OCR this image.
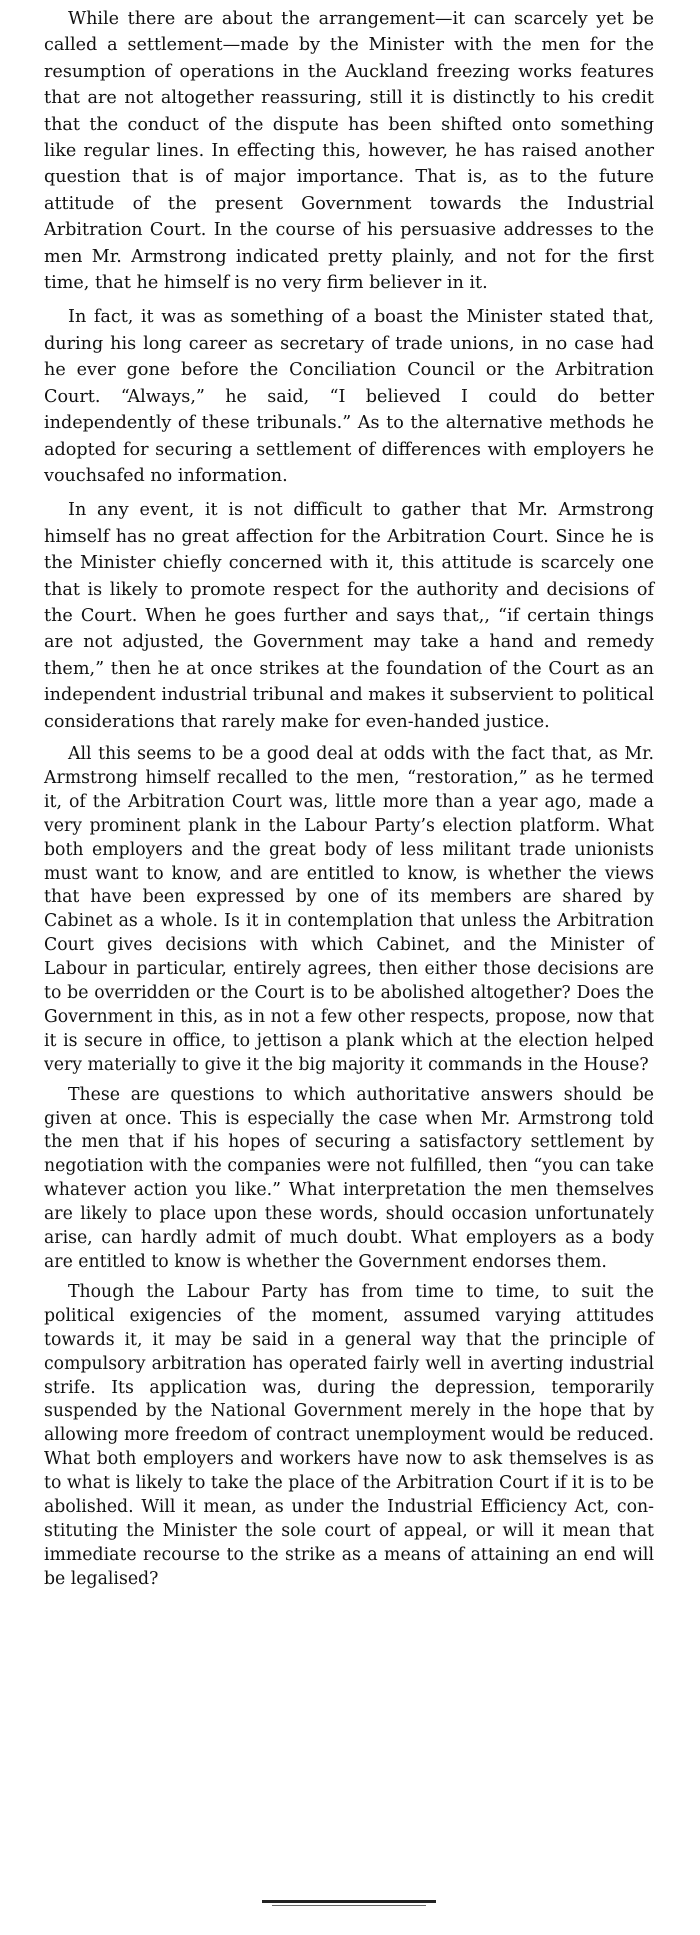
While there are about the arrangement—it can scarcely yet be called a settlement—made by the Minister with the men for the resumption of operations in the Auckland freezing works features that are not altogether reassuring, still it is distinctly to his credit that the conduct of the dispute has been shifted onto something like regular lines. In effecting this, however, he has raised another question that is of major importance. That is, as to the future attitude of the present Government towards the Industrial Arbitration Court. In the course of his persuasive addresses to the men Mr. Armstrong indicated pretty plainly, and not for the first time, that he himself is no very firm believer in it.

In fact, it was as something of a boast the Minister stated that, during his long career as secretary of trade unions, in no case had he ever gone before the Conciliation Council or the Arbitration Court. “Always,” he said, “I believed I could do better independently of these tribunals.” As to the alternative methods he adopted for securing a settlement of differences with employers he vouchsafed no information.

In any event, it is not difficult to gather that Mr. Armstrong himself has no great affection for the Arbitration Court. Since he is the Minister chiefly concerned with it, this attitude is scarcely one that is likely to promote respect for the authority and decisions of the Court. When he goes further and says that,, “if certain things are not adjusted, the Government may take a hand and remedy them,” then he at once strikes at the foundation of the Court as an independent industrial tribunal and makes it subservient to political considerations that rarely make for even-handed justice.

All this seems to be a good deal at odds with the fact that, as Mr. Armstrong himself recalled to the men, “restoration,” as he termed it, of the Arbitration Court was, little more than a year ago, made a very prominent plank in the Labour Party’s election platform. What both employers and the great body of less militant trade unionists must want to know, and are entitled to know, is whether the views that have been expressed by one of its members are shared by Cabinet as a whole. Is it in contemplation that unless the Arbitration Court gives decisions with which Cabinet, and the Minister of Labour in particular, entirely agrees, then either those decisions are to be overridden or the Court is to be abolished altogether? Does the Government in this, as in not a few other respects, propose, now that it is secure in office, to jettison a plank which at the election helped very materially to give it the big majority it commands in the House?

These are questions to which authoritative answers should be given at once. This is especially the case when Mr. Armstrong told the men that if his hopes of securing a satisfactory settlement by negotiation with the companies were not fulfilled, then “you can take whatever action you like.” What interpretation the men themselves are likely to place upon these words, should occasion unfortunately arise, can hardly admit of much doubt. What employers as a body are entitled to know is whether the Government endorses them.

Though the Labour Party has from time to time, to suit the political exigencies of the moment, assumed varying attitudes towards it, it may be said in a general way that the principle of compulsory arbitration has operated fairly well in averting industrial strife. Its application was, during the depression, temporarily suspended by the National Government merely in the hope that by allowing more freedom of contract unemployment would be reduced. What both employers and workers have now to ask themselves is as to what is likely to take the place of the Arbitration Court if it is to be abolished. Will it mean, as under the Industrial Efficiency Act, constituting the Minister the sole court of appeal, or will it mean that immediate recourse to the strike as a means of attaining an end will be legalised?
